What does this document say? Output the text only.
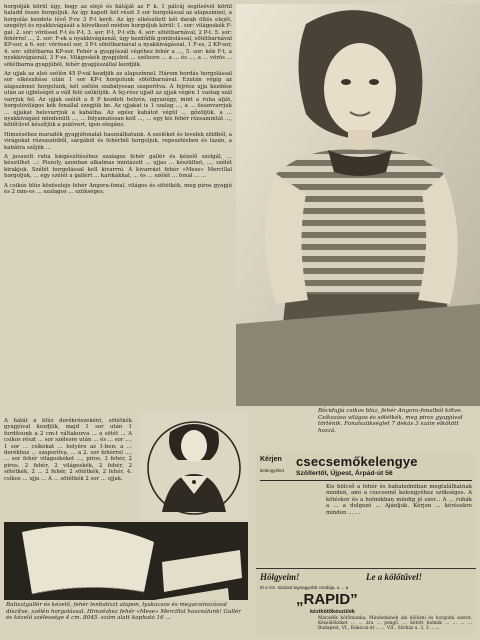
horgolják körül úgy, hogy az elejé és hátáját az F k. 1 pálcáj segítsével körül haladd össze horgoljuk. Az így kapott két részt 3 sor horgolással az alapszínnel, a horgolás kezdete lévő P-re 3 P-t kerít. Az így elkészített két darab öltés elejét, szegélyt és nyakkivágását a következő módon horgoljuk körül: 1. sor: világoskék F-gal. 2. sor: vörössel F-t és P-t. 3. sor: P-t, P-t stb. 4. sor: sötétbarnával, 2 P-t. 5. sor: fehérrel ..., 2. sor: F-ek a nyakkivágásnál, úgy kezdődik gombolással, sötétbarnával KP-sor, a 6. sor: vörössel sor, 3 P-t sötétbarnával a nyakkivágással, 1 F-es, 2 KP-sor, 4. sor: sötétbarna KP-sor. Fehér a gyapjúszál végéhez fehér a ..., 5. sor: kék F-t, a nyakkivágásnál, 3 F-es. Világoskék gyapjúból ... szélesre ... a ... és ..., a ... vörös ... sötétbarna gyapjúból, fehér gyapjúszállal kezdjük.

Az ujjak az alsó szélén 45 P-val kezdjük az alapszínnel. Három bordás horgolással sor elkészítése után 1 sor KP-t horgolunk sötétbarnával. Ezután végig az alapszínnel horgolunk, két szélén szabályosan szaporítva. A fejrész ujja kezdése után az ujjbőségét a váll felé szűkítjük. A fej-rész ujjait az ujjak végén 1 vastag szál varrjuk fel. Az ujjak szélét a 8 P kezdeti helyén, ugyanúgy, mint a ruha alját, horgolóvilágos kék fonallal szegjük be. Az ujjakat is 1 szalag ..., a ... összevarrjuk ... ujjakat belevarrjuk a kabátba. Az egész kabátot végül ... gőzöljük, a ... nyakkivágást mindenütt ..., ... folyamatosan kell ..., ... egy kis fehér rózsamintát ..., kötőtűvel készítjük a pulóvert, igen elegáns.

Himzéséhez maradék gyapjúfonalat használhatunk. A szeléket és levelek zöldből, a virágokat rózsaszínből, sárgából és fehérből horgoljuk, repesztésben és lazán, a kabátra szőjük ...

A javasolt ruha kiegészítéséhez szalagos fehér gallér és kézelő szolgál, ... készülhet ...: Piszoly, azonban alkalmas mintázott ... ujjas ... készülhet, ..., szélét kirakjuk. Szélét horgolással kell kivarrni. A kivarrást fehér «Mese» Mercillal horgoljuk, ... egy szélét a gallért ... karikákkal, ... és ... szélét ... fonal ... ...

A csikós blúz közöseleje fehér Angora-fonal, világos és sötétkék, meg piros gyapjú és 2 mm-es ... szalagos ... szükséges.

A hátát a blúz derékrészeként, sötétkék gyapjúval kezdjük, majd 1 sor után 1 fordítsunk a 2 cm-t váltakozva ... a sötét ... A csíkos részt ... sor szélesre után ... és ... sor ..., 1 sor ... csíkokat ... helyére az 1-ben; a ... derékhoz ... szaporítva, ... a 2. sor fehérrel ..., ... sor fehér világoskéket ..., piros, 3 fehér, 2 piros. 2 fehér, 2 világoskék, 2 fehér, 2 sötétkék, 2 ... 2 fehér, 2 sötétkék, 2 fehér, 4. csíkos ... ujja ... A ... sötétkék 2 sor ... ujjak.

Bőcidujjú csíkos blúz, fehér Angora-fonalból kötve. Csíkozása világos és sötétkék, meg piros gyapjúval történik. Fonalszükséglet 7 dekás 3 szám elkötött hozzá.
Batisztgallér és kézelő, fehér lenbatiszt alapon, lyukacsos és megacsinozással díszítve, szélén horgolással. Himzéshez fehér «Mese» Mercillal használunk! Gallér és kézelő szélessége 4 cm. 8045. szám alatt kapható 16 ...
Kérjen
kelengyéket
csecsemőkelengye
Szöllertől, Újpest, Árpád-út 56
Kis bölcső a fehér és babaholmiban megtalálhatnak minden, ami a csecsemő kelengyéhez szükséges. A kötéskor és a holmikban mindig jó szer... A ... ruhák a ... a dolgozó ... Ajánljuk. Kérjen ... kérésekre minden ... ...
Hölgyeim!	Le a kölőtűvel!
Itt a XX. század legnagyobb csodája, a ... a
„RAPID”
kézikötőkészülék
Maradék kötőmunka, Mindenkinek aki kölözni és horgolni szeret. Készüléküket ... ... ára ... pengő. ... kötött holmik ... ... ... ... Budapest, VI., Rákóczi-út ... ... VII., Sörház u. 3, 3 ... ...
